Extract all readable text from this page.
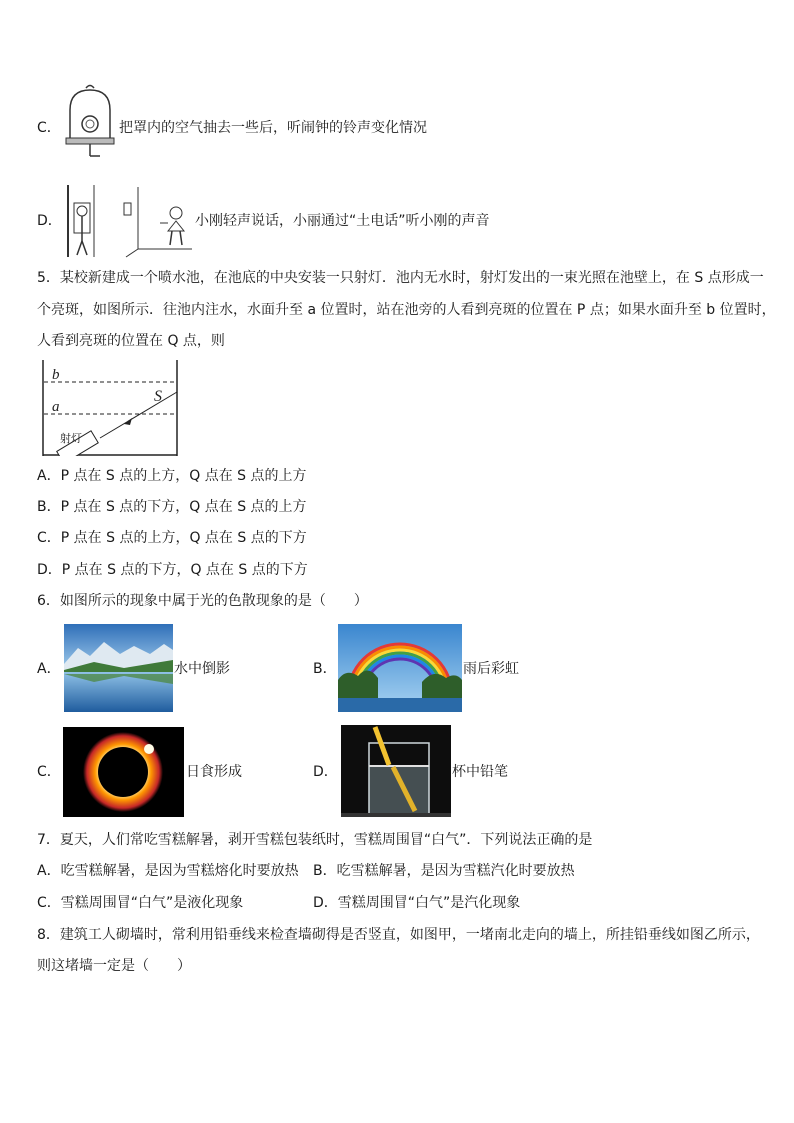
C．	把罩内的空气抽去一些后，听闹钟的铃声变化情况
D．	小刚轻声说话，小丽通过“土电话”听小刚的声音
5．某校新建成一个喷水池，在池底的中央安装一只射灯．池内无水时，射灯发出的一束光照在池壁上，在 S 点形成一
个亮斑，如图所示．往池内注水，水面升至 a 位置时，站在池旁的人看到亮斑的位置在 P 点；如果水面升至 b 位置时，
人看到亮斑的位置在 Q 点，则
b
a
S
射灯
A．P 点在 S 点的上方，Q 点在 S 点的上方
B．P 点在 S 点的下方，Q 点在 S 点的上方
C．P 点在 S 点的上方，Q 点在 S 点的下方
D．P 点在 S 点的下方，Q 点在 S 点的下方
6．如图所示的现象中属于光的色散现象的是（　　）
A．	水中倒影	B．	雨后彩虹
C．	日食形成	D．	杯中铅笔
7．夏天，人们常吃雪糕解暑，剥开雪糕包装纸时，雪糕周围冒“白气”．下列说法正确的是
A．吃雪糕解暑，是因为雪糕熔化时要放热 B．吃雪糕解暑，是因为雪糕汽化时要放热
C．雪糕周围冒“白气”是液化现象	D．雪糕周围冒“白气”是汽化现象
8．建筑工人砌墙时，常利用铅垂线来检查墙砌得是否竖直，如图甲，一堵南北走向的墙上，所挂铅垂线如图乙所示，
则这堵墙一定是（　　）
